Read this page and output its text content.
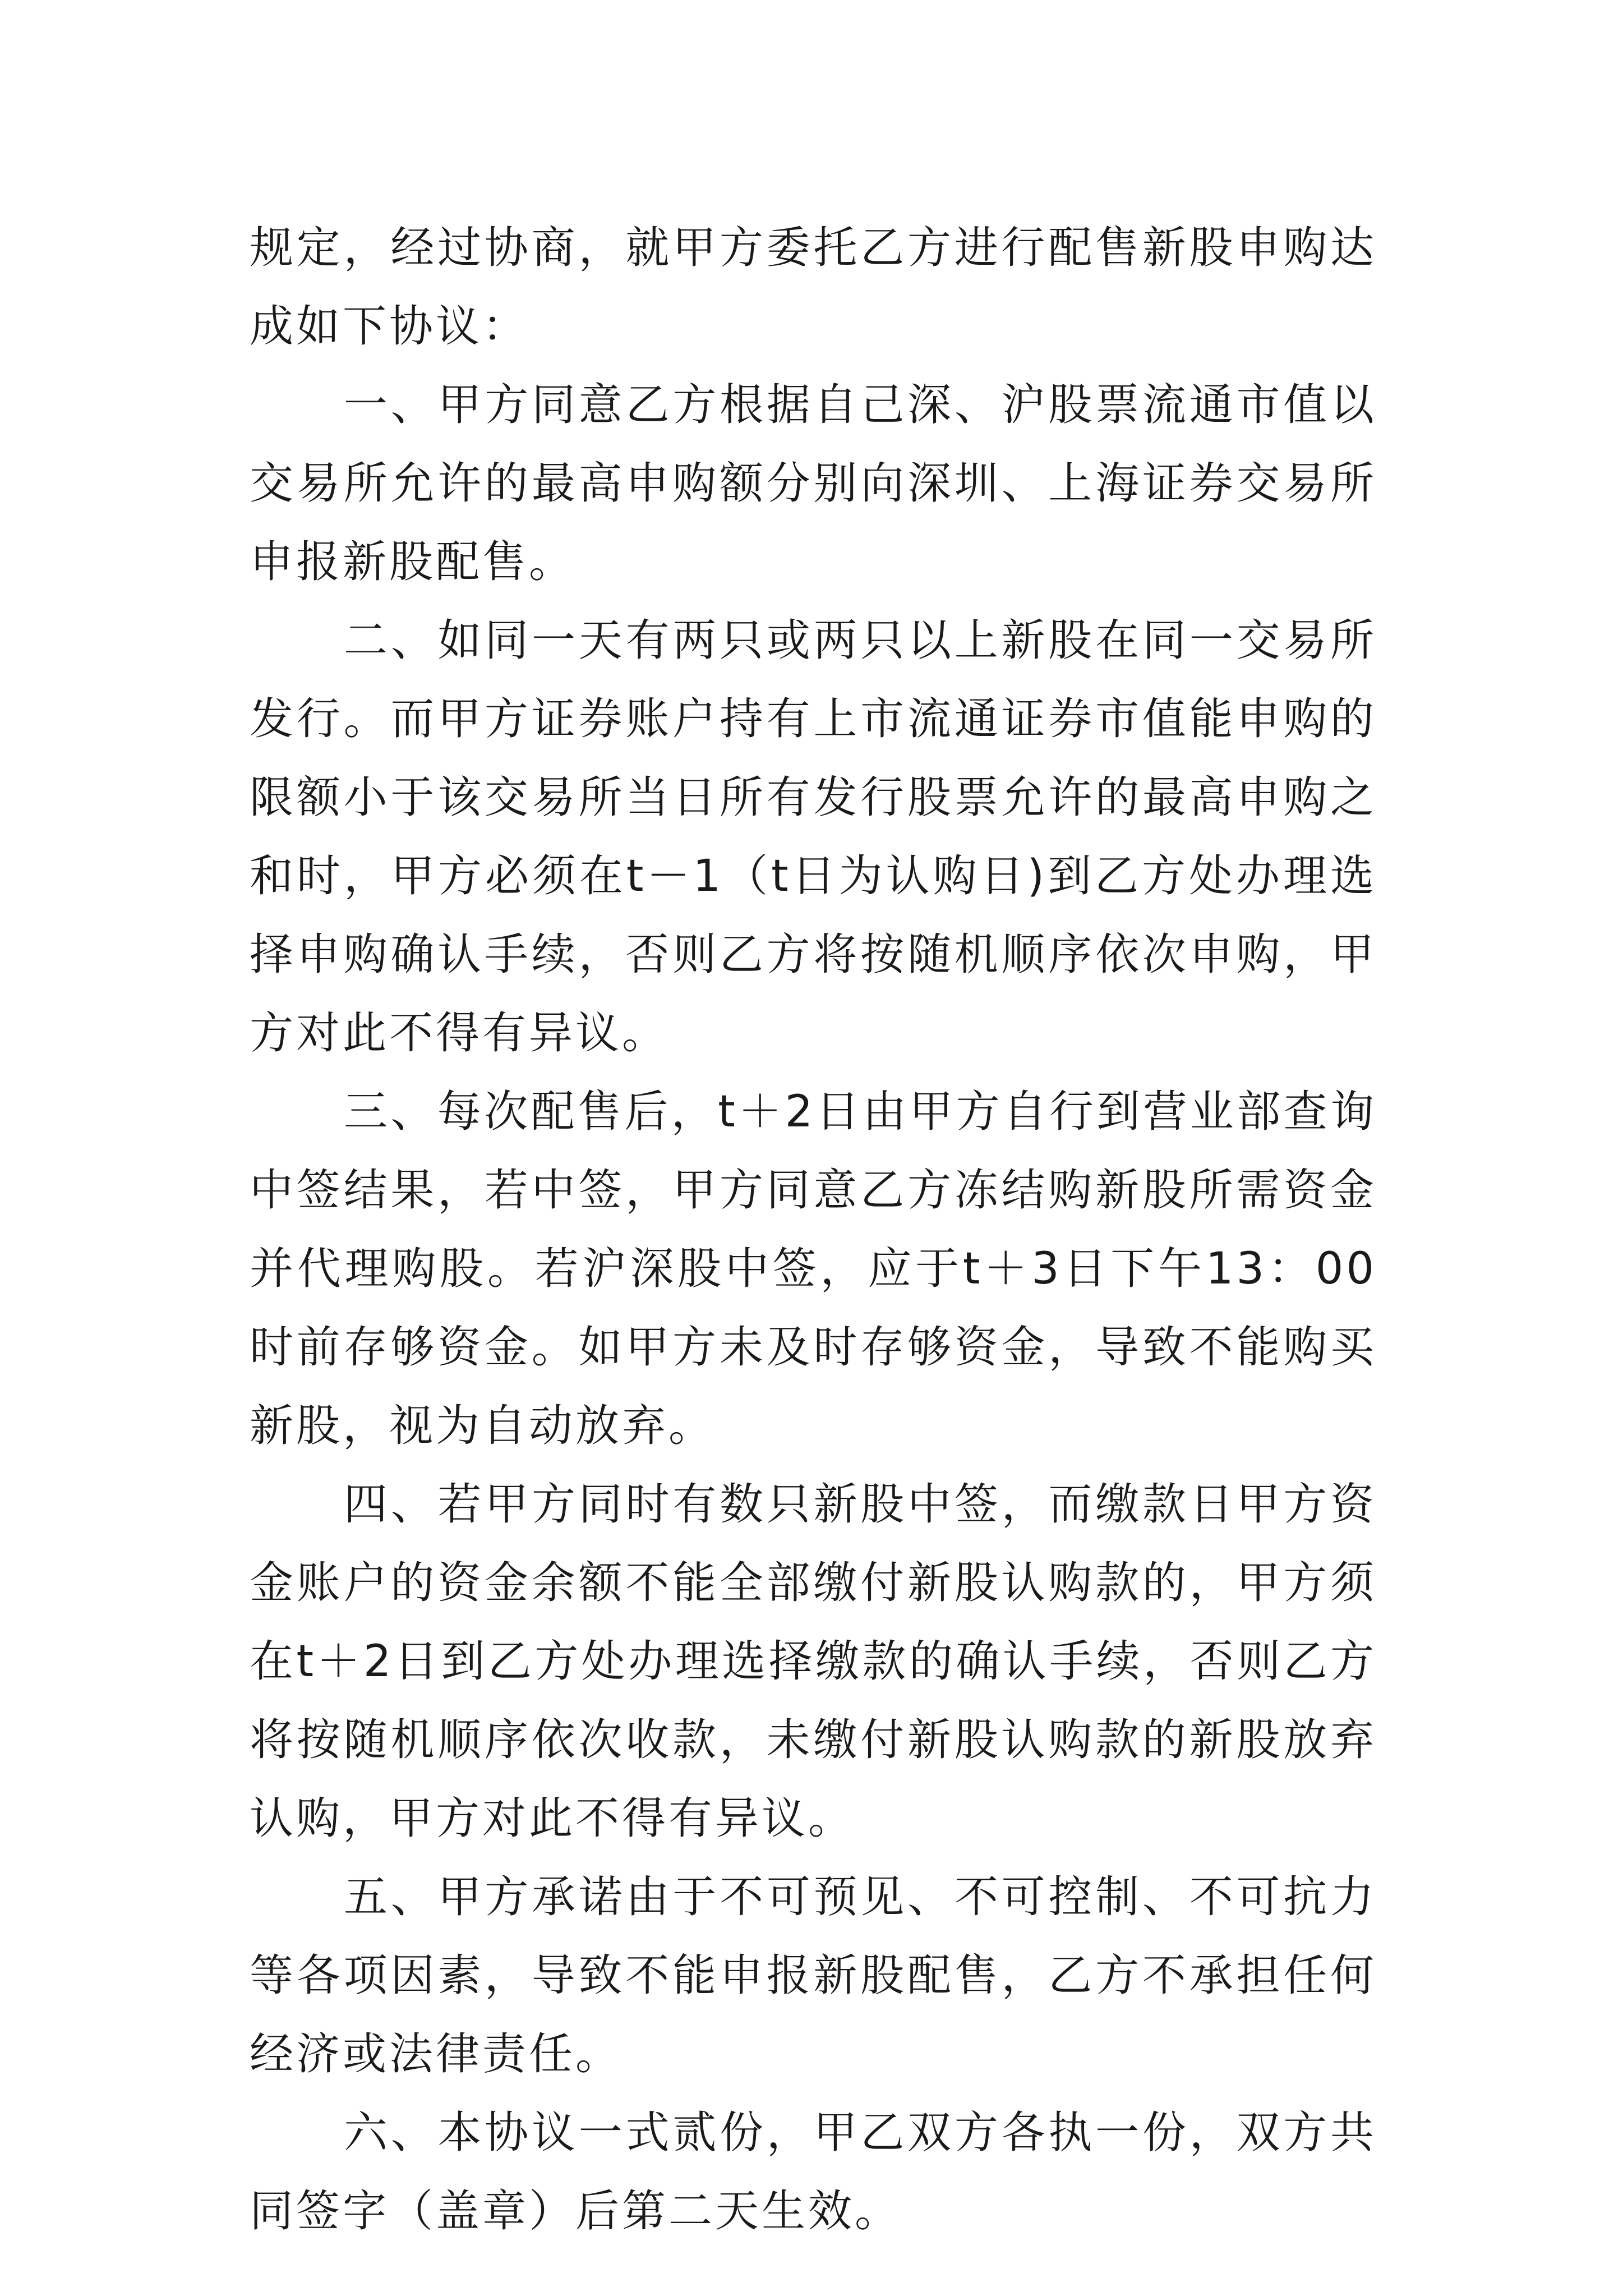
规定，经过协商，就甲方委托乙方进行配售新股申购达成如下协议：

一、甲方同意乙方根据自己深、沪股票流通市值以交易所允许的最高申购额分别向深圳、上海证券交易所申报新股配售。

二、如同一天有两只或两只以上新股在同一交易所发行。而甲方证券账户持有上市流通证券市值能申购的限额小于该交易所当日所有发行股票允许的最高申购之和时，甲方必须在t－1（t日为认购日)到乙方处办理选择申购确认手续，否则乙方将按随机顺序依次申购，甲方对此不得有异议。

三、每次配售后，t＋2日由甲方自行到营业部查询中签结果，若中签，甲方同意乙方冻结购新股所需资金并代理购股。若沪深股中签，应于t＋3日下午13：00时前存够资金。如甲方未及时存够资金，导致不能购买新股，视为自动放弃。

四、若甲方同时有数只新股中签，而缴款日甲方资金账户的资金余额不能全部缴付新股认购款的，甲方须在t＋2日到乙方处办理选择缴款的确认手续，否则乙方将按随机顺序依次收款，未缴付新股认购款的新股放弃认购，甲方对此不得有异议。

五、甲方承诺由于不可预见、不可控制、不可抗力等各项因素，导致不能申报新股配售，乙方不承担任何经济或法律责任。

六、本协议一式贰份，甲乙双方各执一份，双方共同签字（盖章）后第二天生效。
